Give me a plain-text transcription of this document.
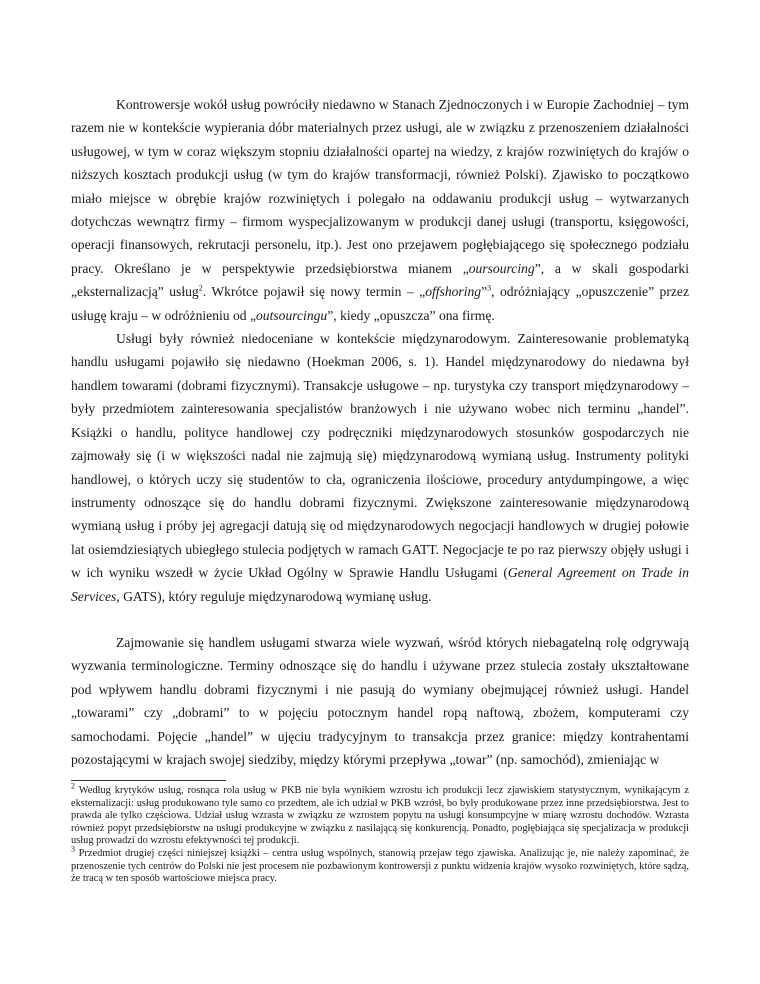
Kontrowersje wokół usług powróciły niedawno w Stanach Zjednoczonych i w Europie Zachodniej – tym razem nie w kontekście wypierania dóbr materialnych przez usługi, ale w związku z przenoszeniem działalności usługowej, w tym w coraz większym stopniu działalności opartej na wiedzy, z krajów rozwiniętych do krajów o niższych kosztach produkcji usług (w tym do krajów transformacji, również Polski). Zjawisko to początkowo miało miejsce w obrębie krajów rozwiniętych i polegało na oddawaniu produkcji usług – wytwarzanych dotychczas wewnątrz firmy – firmom wyspecjalizowanym w produkcji danej usługi (transportu, księgowości, operacji finansowych, rekrutacji personelu, itp.). Jest ono przejawem pogłębiającego się społecznego podziału pracy. Określano je w perspektywie przedsiębiorstwa mianem „oursourcing”, a w skali gospodarki „eksternalizacją” usług$^2$. Wkrótce pojawił się nowy termin – „offshoring”$^3$, odróżniający „opuszczenie” przez usługę kraju – w odróżnieniu od „outsourcingu”, kiedy „opuszcza” ona firmę.

Usługi były również niedoceniane w kontekście międzynarodowym. Zainteresowanie problematyką handlu usługami pojawiło się niedawno (Hoekman 2006, s. 1). Handel międzynarodowy do niedawna był handlem towarami (dobrami fizycznymi). Transakcje usługowe – np. turystyka czy transport międzynarodowy – były przedmiotem zainteresowania specjalistów branżowych i nie używano wobec nich terminu „handel”. Książki o handlu, polityce handlowej czy podręczniki międzynarodowych stosunków gospodarczych nie zajmowały się (i w większości nadal nie zajmują się) międzynarodową wymianą usług. Instrumenty polityki handlowej, o których uczy się studentów to cła, ograniczenia ilościowe, procedury antydumpingowe, a więc instrumenty odnoszące się do handlu dobrami fizycznymi. Zwiększone zainteresowanie międzynarodową wymianą usług i próby jej agregacji datują się od międzynarodowych negocjacji handlowych w drugiej połowie lat osiemdziesiątych ubiegłego stulecia podjętych w ramach GATT. Negocjacje te po raz pierwszy objęły usługi i w ich wyniku wszedł w życie Układ Ogólny w Sprawie Handlu Usługami (General Agreement on Trade in Services, GATS), który reguluje międzynarodową wymianę usług.

Zajmowanie się handlem usługami stwarza wiele wyzwań, wśród których niebagatelną rolę odgrywają wyzwania terminologiczne. Terminy odnoszące się do handlu i używane przez stulecia zostały ukształtowane pod wpływem handlu dobrami fizycznymi i nie pasują do wymiany obejmującej również usługi. Handel „towarami” czy „dobrami” to w pojęciu potocznym handel ropą naftową, zbożem, komputerami czy samochodami. Pojęcie „handel” w ujęciu tradycyjnym to transakcja przez granice: między kontrahentami pozostającymi w krajach swojej siedziby, między którymi przepływa „towar” (np. samochód), zmieniając w

$^2$ Według krytyków usług, rosnąca rola usług w PKB nie była wynikiem wzrostu ich produkcji lecz zjawiskiem statystycznym, wynikającym z eksternalizacji: usług produkowano tyle samo co przedtem, ale ich udział w PKB wzrósł, bo były produkowane przez inne przedsiębiorstwa. Jest to prawda ale tylko częściowa. Udział usług wzrasta w związku ze wzrostem popytu na usługi konsumpcyjne w miarę wzrostu dochodów. Wzrasta również popyt przedsiębiorstw na usługi produkcyjne w związku z nasilającą się konkurencją. Ponadto, pogłębiająca się specjalizacja w produkcji usług prowadzi do wzrostu efektywności tej produkcji.

$^3$ Przedmiot drugiej części niniejszej książki – centra usług wspólnych, stanowią przejaw tego zjawiska. Analizując je, nie należy zapominać, że przenoszenie tych centrów do Polski nie jest procesem nie pozbawionym kontrowersji z punktu widzenia krajów wysoko rozwiniętych, które sądzą, że tracą w ten sposób wartościowe miejsca pracy.
